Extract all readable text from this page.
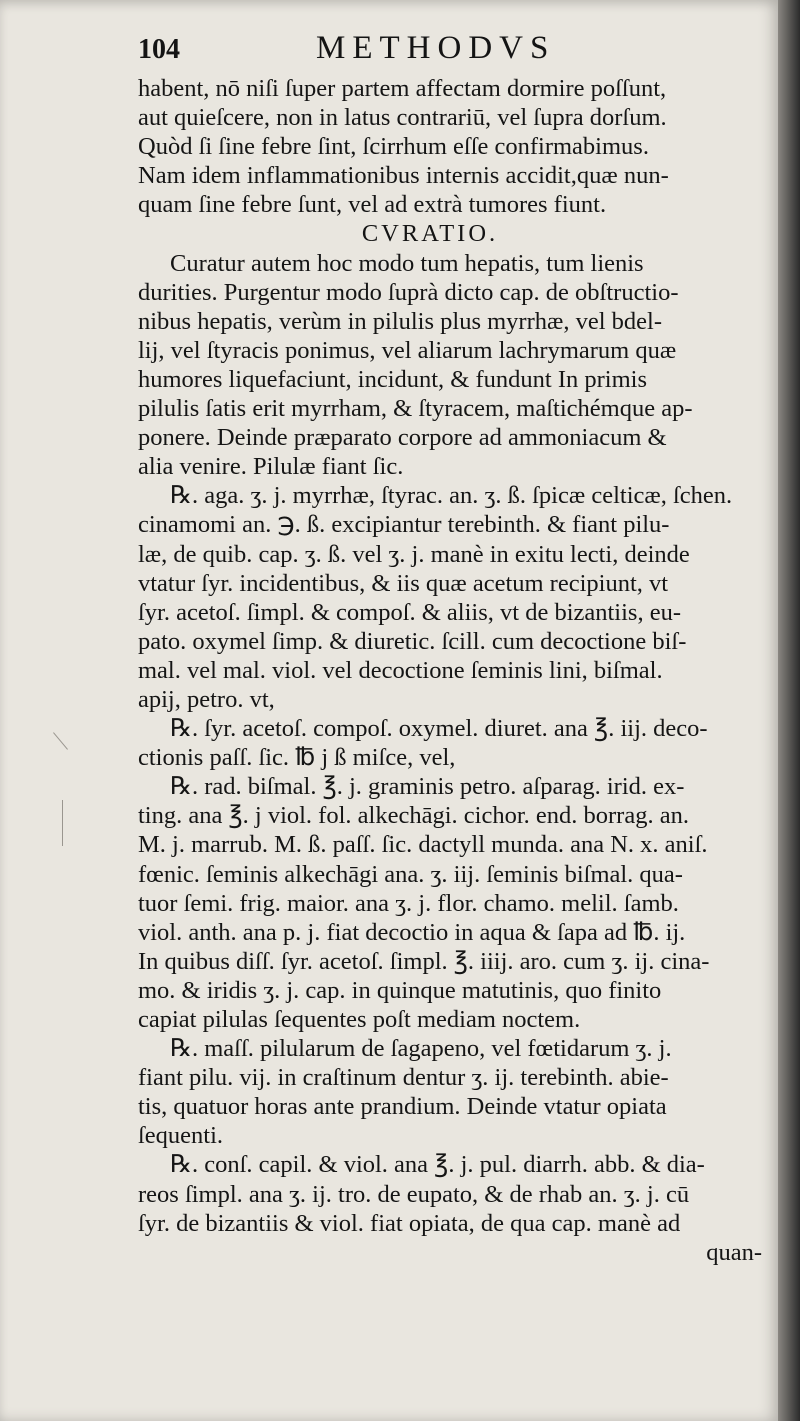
104	METHODVS
habent, nō niſi ſuper partem affectam dormire poſſunt,
aut quieſcere, non in latus contrariū, vel ſupra dorſum.
Quòd ſi ſine febre ſint, ſcirrhum eſſe confirmabimus.
Nam idem inflammationibus internis accidit,quæ nun-
quam ſine febre ſunt, vel ad extrà tumores fiunt.
CVRATIO.
Curatur autem hoc modo tum hepatis, tum lienis
durities. Purgentur modo ſuprà dicto cap. de obſtructio-
nibus hepatis, verùm in pilulis plus myrrhæ, vel bdel-
lij, vel ſtyracis ponimus, vel aliarum lachrymarum quæ
humores liquefaciunt, incidunt, & fundunt In primis
pilulis ſatis erit myrrham, & ſtyracem, maſtichémque ap-
ponere. Deinde præparato corpore ad ammoniacum &
alia venire. Pilulæ fiant ſic.
℞. aga. ʒ. j. myrrhæ, ſtyrac. an. ʒ. ß. ſpicæ celticæ, ſchen.
cinamomi an. ℈. ß. excipiantur terebinth. & fiant pilu-
læ, de quib. cap. ʒ. ß. vel ʒ. j. manè in exitu lecti, deinde
vtatur ſyr. incidentibus, & iis quæ acetum recipiunt, vt
ſyr. acetoſ. ſimpl. & compoſ. & aliis, vt de bizantiis, eu-
pato. oxymel ſimp. & diuretic. ſcill. cum decoctione biſ-
mal. vel mal. viol. vel decoctione ſeminis lini, biſmal.
apij, petro. vt,
℞. ſyr. acetoſ. compoſ. oxymel. diuret. ana ℥. iij. deco-
ctionis paſſ. ſic. ℔ j ß miſce, vel,
℞. rad. biſmal. ℥. j. graminis petro. aſparag. irid. ex-
ting. ana ℥. j viol. fol. alkechāgi. cichor. end. borrag. an.
M. j. marrub. M. ß. paſſ. ſic. dactyll munda. ana N. x. aniſ.
fœnic. ſeminis alkechāgi ana. ʒ. iij. ſeminis biſmal. qua-
tuor ſemi. frig. maior. ana ʒ. j. flor. chamo. melil. ſamb.
viol. anth. ana p. j. fiat decoctio in aqua & ſapa ad ℔. ij.
In quibus diſſ. ſyr. acetoſ. ſimpl. ℥. iiij. aro. cum ʒ. ij. cina-
mo. & iridis ʒ. j. cap. in quinque matutinis, quo finito
capiat pilulas ſequentes poſt mediam noctem.
℞. maſſ. pilularum de ſagapeno, vel fœtidarum ʒ. j.
fiant pilu. vij. in craſtinum dentur ʒ. ij. terebinth. abie-
tis, quatuor horas ante prandium. Deinde vtatur opiata
ſequenti.
℞. conſ. capil. & viol. ana ℥. j. pul. diarrh. abb. & dia-
reos ſimpl. ana ʒ. ij. tro. de eupato, & de rhab an. ʒ. j. cū
ſyr. de bizantiis & viol. fiat opiata, de qua cap. manè ad
quan-
